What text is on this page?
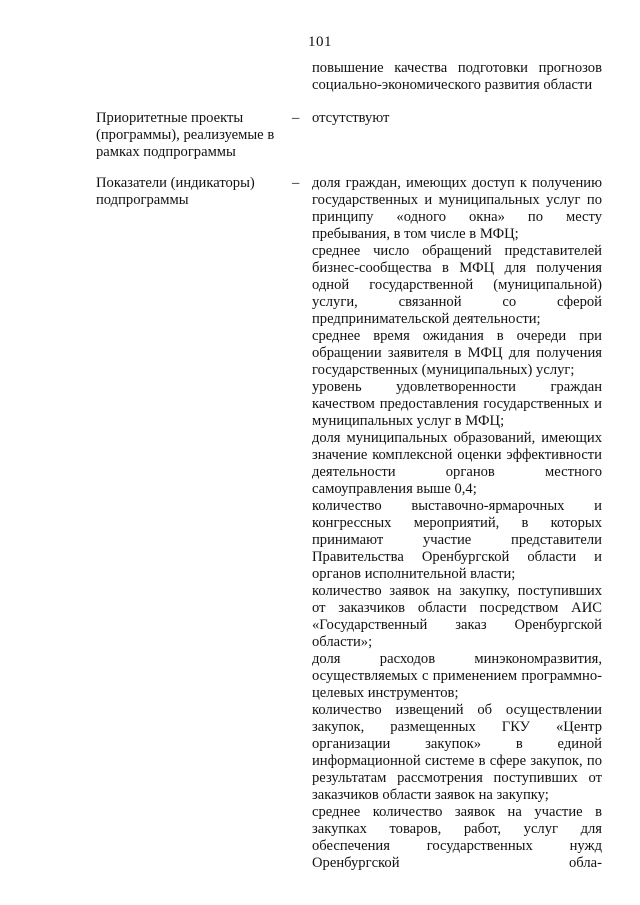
101

повышение качества подготовки прогнозов

социально-экономического развития области

Приоритетные проекты (программы), реализуемые в рамках подпрограммы
– отсутствуют
Показатели (индикаторы) подпрограммы
– доля граждан, имеющих доступ к получению государственных и муниципальных услуг по принципу «одного окна» по месту пребывания, в том числе в МФЦ;

среднее число обращений представителей бизнес-сообщества в МФЦ для получения одной государственной (муниципальной) услуги, связанной со сферой предпринимательской деятельности;

среднее время ожидания в очереди при обращении заявителя в МФЦ для получения государственных (муниципальных) услуг;

уровень удовлетворенности граждан качеством предоставления государственных и муниципальных услуг в МФЦ;

доля муниципальных образований, имеющих значение комплексной оценки эффективности деятельности органов местного самоуправления выше 0,4;

количество выставочно-ярмарочных и конгрессных мероприятий, в которых принимают участие представители Правительства Оренбургской области и органов исполнительной власти;

количество заявок на закупку, поступивших от заказчиков области посредством АИС «Государственный заказ Оренбургской области»;

доля расходов минэкономразвития, осуществляемых с применением программно-целевых инструментов;

количество извещений об осуществлении закупок, размещенных ГКУ «Центр организации закупок» в единой информационной системе в сфере закупок, по результатам рассмотрения поступивших от заказчиков области заявок на закупку;

среднее количество заявок на участие в закупках товаров, работ, услуг для обеспечения государственных нужд Оренбургской обла-
